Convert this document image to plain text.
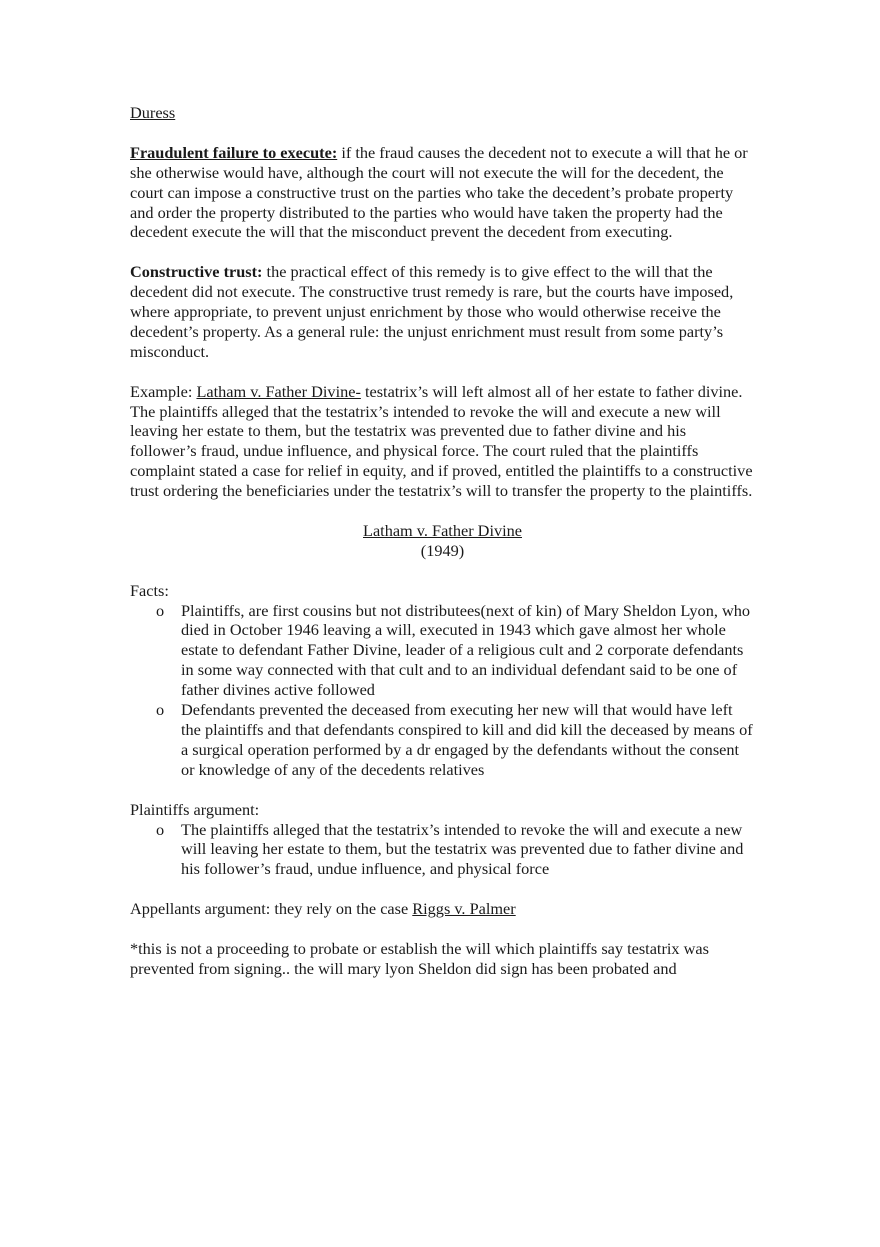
Duress

Fraudulent failure to execute: if the fraud causes the decedent not to execute a will that he or she otherwise would have, although the court will not execute the will for the decedent, the court can impose a constructive trust on the parties who take the decedent’s probate property and order the property distributed to the parties who would have taken the property had the decedent execute the will that the misconduct prevent the decedent from executing.

Constructive trust: the practical effect of this remedy is to give effect to the will that the decedent did not execute. The constructive trust remedy is rare, but the courts have imposed, where appropriate, to prevent unjust enrichment by those who would otherwise receive the decedent’s property. As a general rule: the unjust enrichment must result from some party’s misconduct.

Example: Latham v. Father Divine- testatrix’s will left almost all of her estate to father divine. The plaintiffs alleged that the testatrix’s intended to revoke the will and execute a new will leaving her estate to them, but the testatrix was prevented due to father divine and his follower’s fraud, undue influence, and physical force. The court ruled that the plaintiffs complaint stated a case for relief in equity, and if proved, entitled the plaintiffs to a constructive trust ordering the beneficiaries under the testatrix’s will to transfer the property to the plaintiffs.

Latham v. Father Divine

(1949)

Facts:

o Plaintiffs, are first cousins but not distributees(next of kin) of Mary Sheldon Lyon, who died in October 1946 leaving a will, executed in 1943 which gave almost her whole estate to defendant Father Divine, leader of a religious cult and 2 corporate defendants in some way connected with that cult and to an individual defendant said to be one of father divines active followed
o Defendants prevented the deceased from executing her new will that would have left the plaintiffs and that defendants conspired to kill and did kill the deceased by means of a surgical operation performed by a dr engaged by the defendants without the consent or knowledge of any of the decedents relatives

Plaintiffs argument:

o The plaintiffs alleged that the testatrix’s intended to revoke the will and execute a new will leaving her estate to them, but the testatrix was prevented due to father divine and his follower’s fraud, undue influence, and physical force

Appellants argument: they rely on the case Riggs v. Palmer

*this is not a proceeding to probate or establish the will which plaintiffs say testatrix was prevented from signing.. the will mary lyon Sheldon did sign has been probated and
